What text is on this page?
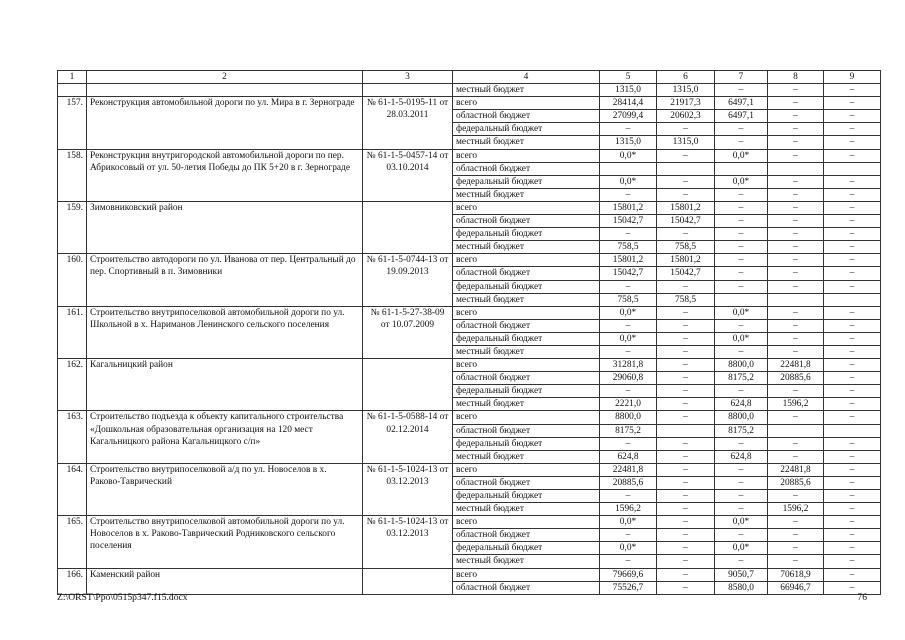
1	2	3	4	5	6	7	8	9
			местный бюджет	1315,0	1315,0	–	–	–
157.	Реконструкция автомобильной дороги по ул. Мира в г. Зернограде	№ 61-1-5-0195-11 от 28.03.2011	всего	28414,4	21917,3	6497,1	–	–
			областной бюджет	27099,4	20602,3	6497,1	–	–
			федеральный бюджет	–	–	–	–	–
			местный бюджет	1315,0	1315,0	–	–	–
158.	Реконструкция внутригородской автомобильной дороги по пер. Абрикосовый от ул. 50-летия Победы до ПК 5+20 в г. Зернограде	№ 61-1-5-0457-14 от 03.10.2014	всего	0,0*	–	0,0*	–	–
			областной бюджет					
			федеральный бюджет	0,0*	–	0,0*	–	–
			местный бюджет	–	–	–	–	–
159.	Зимовниковский район		всего	15801,2	15801,2	–	–	–
			областной бюджет	15042,7	15042,7	–	–	–
			федеральный бюджет	–	–	–	–	–
			местный бюджет	758,5	758,5	–	–	–
160.	Строительство автодороги по ул. Иванова от пер. Центральный до пер. Спортивный в п. Зимовники	№ 61-1-5-0744-13 от 19.09.2013	всего	15801,2	15801,2	–	–	–
			областной бюджет	15042,7	15042,7	–	–	–
			федеральный бюджет	–	–	–	–	–
			местный бюджет	758,5	758,5			
161.	Строительство внутрипоселковой автомобильной дороги по ул. Школьной в х. Нариманов Ленинского сельского поселения	№ 61-1-5-27-38-09 от 10.07.2009	всего	0,0*	–	0,0*	–	–
			областной бюджет	–	–	–	–	–
			федеральный бюджет	0,0*	–	0,0*	–	–
			местный бюджет	–	–	–	–	–
162.	Кагальницкий район		всего	31281,8	–	8800,0	22481,8	–
			областной бюджет	29060,8	–	8175,2	20885,6	–
			федеральный бюджет	–	–	–	–	–
			местный бюджет	2221,0	–	624,8	1596,2	–
163.	Строительство подъезда к объекту капитального строительства «Дошкольная образовательная организация на 120 мест Кагальницкого района Кагальницкого с/п»	№ 61-1-5-0588-14 от 02.12.2014	всего	8800,0	–	8800,0	–	–
			областной бюджет	8175,2		8175,2		
			федеральный бюджет	–	–	–	–	–
			местный бюджет	624,8	–	624,8	–	–
164.	Строительство внутрипоселковой а/д по ул. Новоселов в х. Раково-Таврический	№ 61-1-5-1024-13 от 03.12.2013	всего	22481,8	–	–	22481,8	–
			областной бюджет	20885,6	–	–	20885,6	–
			федеральный бюджет	–	–	–	–	–
			местный бюджет	1596,2	–	–	1596,2	–
165.	Строительство внутрипоселковой автомобильной дороги по ул. Новоселов в х. Раково-Таврический Родниковского сельского поселения	№ 61-1-5-1024-13 от 03.12.2013	всего	0,0*	–	0,0*	–	–
			областной бюджет	–	–	–	–	–
			федеральный бюджет	0,0*	–	0,0*	–	–
			местный бюджет	–	–	–	–	–
166.	Каменский район		всего	79669,6	–	9050,7	70618,9	–
			областной бюджет	75526,7	–	8580,0	66946,7	–
Z:\ORST\Ppo\0515p347.f15.docx	76
